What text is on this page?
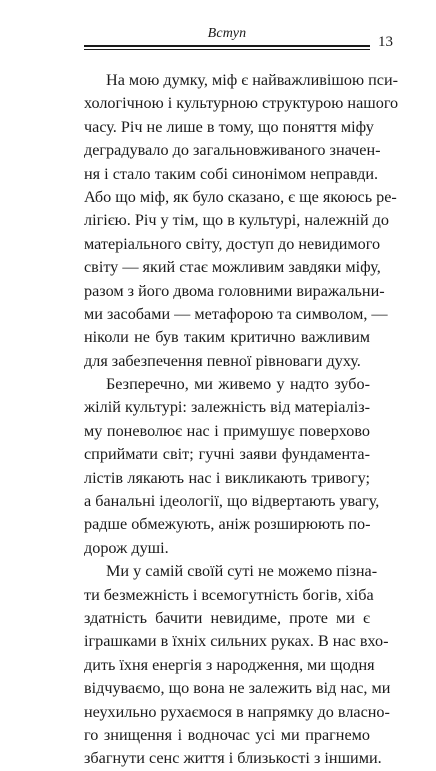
Вступ
13

На мою думку, міф є найважливішою пси-
хологічною і культурною структурою нашого
часу. Річ не лише в тому, що поняття міфу
деградувало до загальновживаного значен-
ня і стало таким собі синонімом неправди.
Або що міф, як було сказано, є ще якоюсь ре-
лігією. Річ у тім, що в культурі, належній до
матеріального світу, доступ до невидимого
світу — який стає можливим завдяки міфу,
разом з його двома головними виражальни-
ми засобами — метафорою та символом, —
ніколи не був таким критично важливим
для забезпечення певної рівноваги духу.

Безперечно, ми живемо у надто зубо-
жілій культурі: залежність від матеріаліз-
му поневолює нас і примушує поверхово
сприймати світ; гучні заяви фундамента-
лістів лякають нас і викликають тривогу;
а банальні ідеології, що відвертають увагу,
радше обмежують, аніж розширюють по-
дорож душі.

Ми у самій своїй суті не можемо пізна-
ти безмежність і всемогутність богів, хіба
здатність бачити невидиме, проте ми є
іграшками в їхніх сильних руках. В нас вхо-
дить їхня енергія з народження, ми щодня
відчуваємо, що вона не залежить від нас, ми
неухильно рухаємося в напрямку до власно-
го знищення і водночас усі ми прагнемо
збагнути сенс життя і близькості з іншими.
